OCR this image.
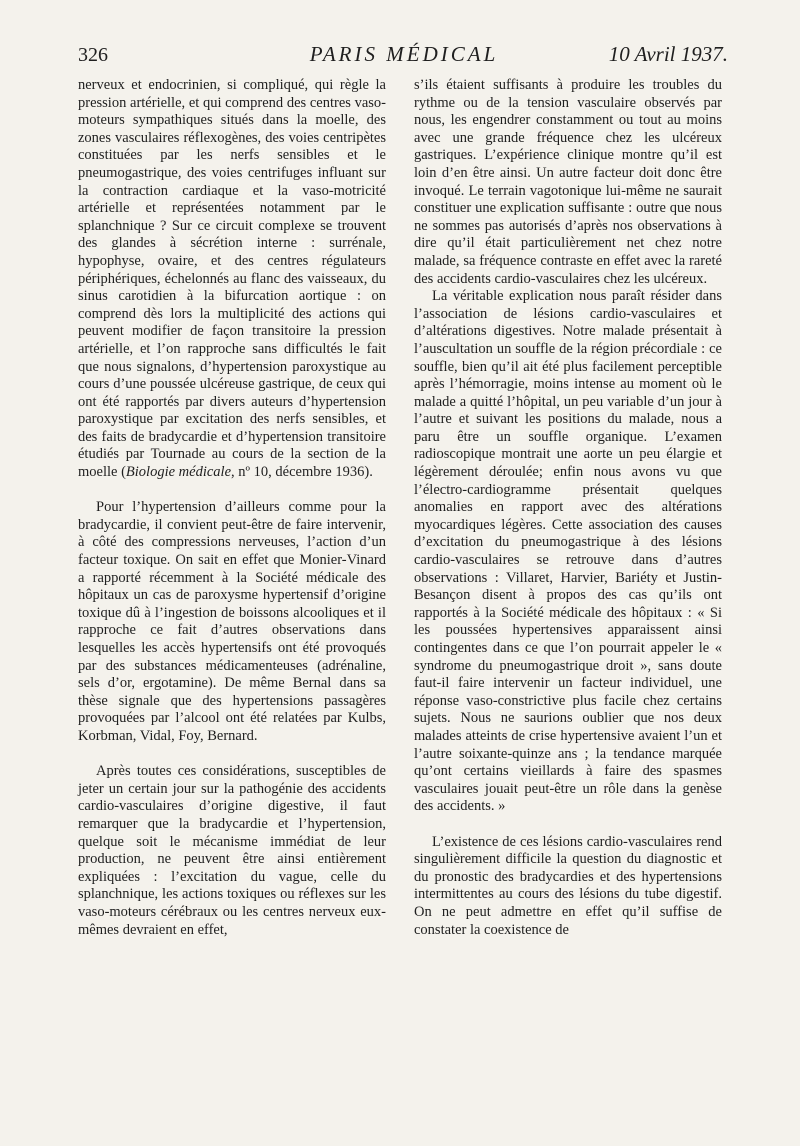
326	PARIS MÉDICAL	10 Avril 1937.

nerveux et endocrinien, si compliqué, qui règle la pression artérielle, et qui comprend des centres vaso-moteurs sympathiques situés dans la moelle, des zones vasculaires réflexogènes, des voies centripètes constituées par les nerfs sensibles et le pneumogastrique, des voies centrifuges influant sur la contraction cardiaque et la vaso-motricité artérielle et représentées notamment par le splanchnique ? Sur ce circuit complexe se trouvent des glandes à sécrétion interne : surrénale, hypophyse, ovaire, et des centres régulateurs périphériques, échelonnés au flanc des vaisseaux, du sinus carotidien à la bifurcation aortique : on comprend dès lors la multiplicité des actions qui peuvent modifier de façon transitoire la pression artérielle, et l’on rapproche sans difficultés le fait que nous signalons, d’hypertension paroxystique au cours d’une poussée ulcéreuse gastrique, de ceux qui ont été rapportés par divers auteurs d’hypertension paroxystique par excitation des nerfs sensibles, et des faits de bradycardie et d’hypertension transitoire étudiés par Tournade au cours de la section de la moelle (Biologie médicale, nº 10, décembre 1936).

Pour l’hypertension d’ailleurs comme pour la bradycardie, il convient peut-être de faire intervenir, à côté des compressions nerveuses, l’action d’un facteur toxique. On sait en effet que Monier-Vinard a rapporté récemment à la Société médicale des hôpitaux un cas de paroxysme hypertensif d’origine toxique dû à l’ingestion de boissons alcooliques et il rapproche ce fait d’autres observations dans lesquelles les accès hypertensifs ont été provoqués par des substances médicamenteuses (adrénaline, sels d’or, ergotamine). De même Bernal dans sa thèse signale que des hypertensions passagères provoquées par l’alcool ont été relatées par Kulbs, Korbman, Vidal, Foy, Bernard.

Après toutes ces considérations, susceptibles de jeter un certain jour sur la pathogénie des accidents cardio-vasculaires d’origine digestive, il faut remarquer que la bradycardie et l’hypertension, quelque soit le mécanisme immédiat de leur production, ne peuvent être ainsi entièrement expliquées : l’excitation du vague, celle du splanchnique, les actions toxiques ou réflexes sur les vaso-moteurs cérébraux ou les centres nerveux eux-mêmes devraient en effet,

s’ils étaient suffisants à produire les troubles du rythme ou de la tension vasculaire observés par nous, les engendrer constamment ou tout au moins avec une grande fréquence chez les ulcéreux gastriques. L’expérience clinique montre qu’il est loin d’en être ainsi. Un autre facteur doit donc être invoqué. Le terrain vagotonique lui-même ne saurait constituer une explication suffisante : outre que nous ne sommes pas autorisés d’après nos observations à dire qu’il était particulièrement net chez notre malade, sa fréquence contraste en effet avec la rareté des accidents cardio-vasculaires chez les ulcéreux.

La véritable explication nous paraît résider dans l’association de lésions cardio-vasculaires et d’altérations digestives. Notre malade présentait à l’auscultation un souffle de la région précordiale : ce souffle, bien qu’il ait été plus facilement perceptible après l’hémorragie, moins intense au moment où le malade a quitté l’hôpital, un peu variable d’un jour à l’autre et suivant les positions du malade, nous a paru être un souffle organique. L’examen radioscopique montrait une aorte un peu élargie et légèrement déroulée; enfin nous avons vu que l’électro-cardiogramme présentait quelques anomalies en rapport avec des altérations myocardiques légères. Cette association des causes d’excitation du pneumogastrique à des lésions cardio-vasculaires se retrouve dans d’autres observations : Villaret, Harvier, Bariéty et Justin-Besançon disent à propos des cas qu’ils ont rapportés à la Société médicale des hôpitaux : « Si les poussées hypertensives apparaissent ainsi contingentes dans ce que l’on pourrait appeler le « syndrome du pneumogastrique droit », sans doute faut-il faire intervenir un facteur individuel, une réponse vaso-constrictive plus facile chez certains sujets. Nous ne saurions oublier que nos deux malades atteints de crise hypertensive avaient l’un et l’autre soixante-quinze ans ; la tendance marquée qu’ont certains vieillards à faire des spasmes vasculaires jouait peut-être un rôle dans la genèse des accidents. »

L’existence de ces lésions cardio-vasculaires rend singulièrement difficile la question du diagnostic et du pronostic des bradycardies et des hypertensions intermittentes au cours des lésions du tube digestif. On ne peut admettre en effet qu’il suffise de constater la coexistence de
